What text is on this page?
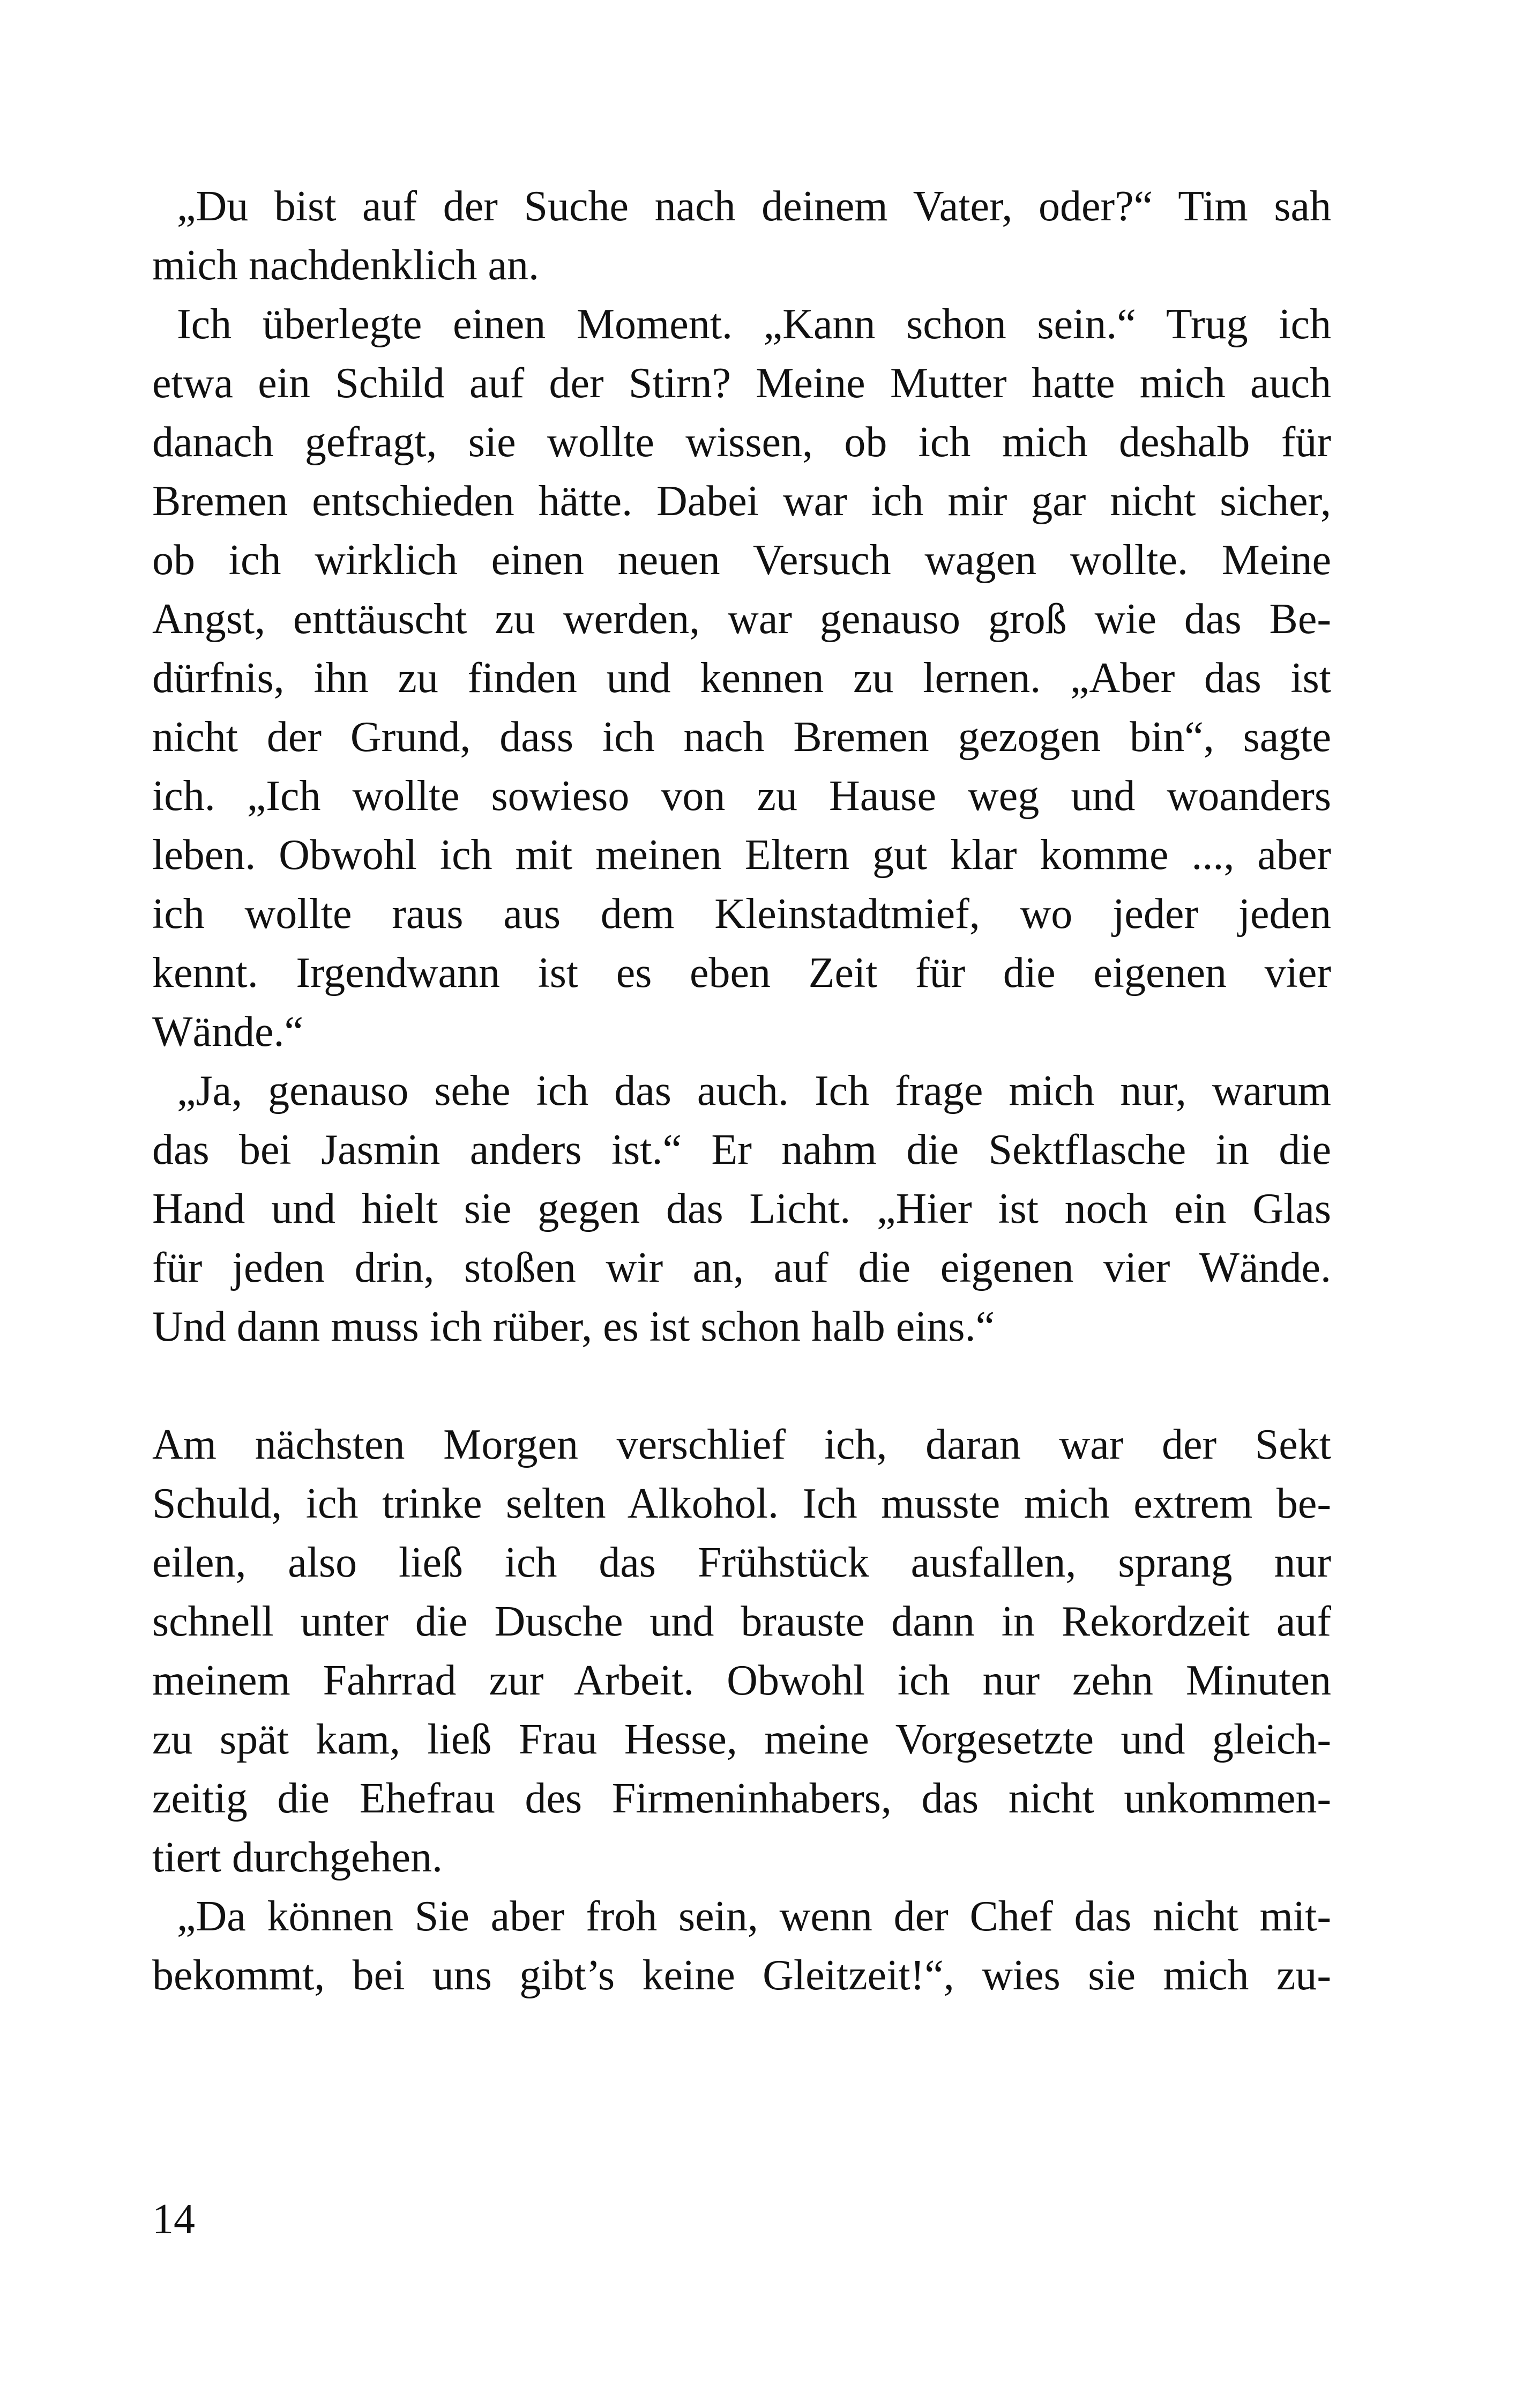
„Du bist auf der Suche nach deinem Vater, oder?“ Tim sah
mich nachdenklich an.
Ich überlegte einen Moment. „Kann schon sein.“ Trug ich
etwa ein Schild auf der Stirn? Meine Mutter hatte mich auch
danach gefragt, sie wollte wissen, ob ich mich deshalb für
Bremen entschieden hätte. Dabei war ich mir gar nicht sicher,
ob ich wirklich einen neuen Versuch wagen wollte. Meine
Angst, enttäuscht zu werden, war genauso groß wie das Be-
dürfnis, ihn zu finden und kennen zu lernen. „Aber das ist
nicht der Grund, dass ich nach Bremen gezogen bin“, sagte
ich. „Ich wollte sowieso von zu Hause weg und woanders
leben. Obwohl ich mit meinen Eltern gut klar komme ..., aber
ich wollte raus aus dem Kleinstadtmief, wo jeder jeden
kennt. Irgendwann ist es eben Zeit für die eigenen vier
Wände.“
„Ja, genauso sehe ich das auch. Ich frage mich nur, warum
das bei Jasmin anders ist.“ Er nahm die Sektflasche in die
Hand und hielt sie gegen das Licht. „Hier ist noch ein Glas
für jeden drin, stoßen wir an, auf die eigenen vier Wände.
Und dann muss ich rüber, es ist schon halb eins.“
Am nächsten Morgen verschlief ich, daran war der Sekt
Schuld, ich trinke selten Alkohol. Ich musste mich extrem be-
eilen, also ließ ich das Frühstück ausfallen, sprang nur
schnell unter die Dusche und brauste dann in Rekordzeit auf
meinem Fahrrad zur Arbeit. Obwohl ich nur zehn Minuten
zu spät kam, ließ Frau Hesse, meine Vorgesetzte und gleich-
zeitig die Ehefrau des Firmeninhabers, das nicht unkommen-
tiert durchgehen.
„Da können Sie aber froh sein, wenn der Chef das nicht mit-
bekommt, bei uns gibt’s keine Gleitzeit!“, wies sie mich zu-
14
